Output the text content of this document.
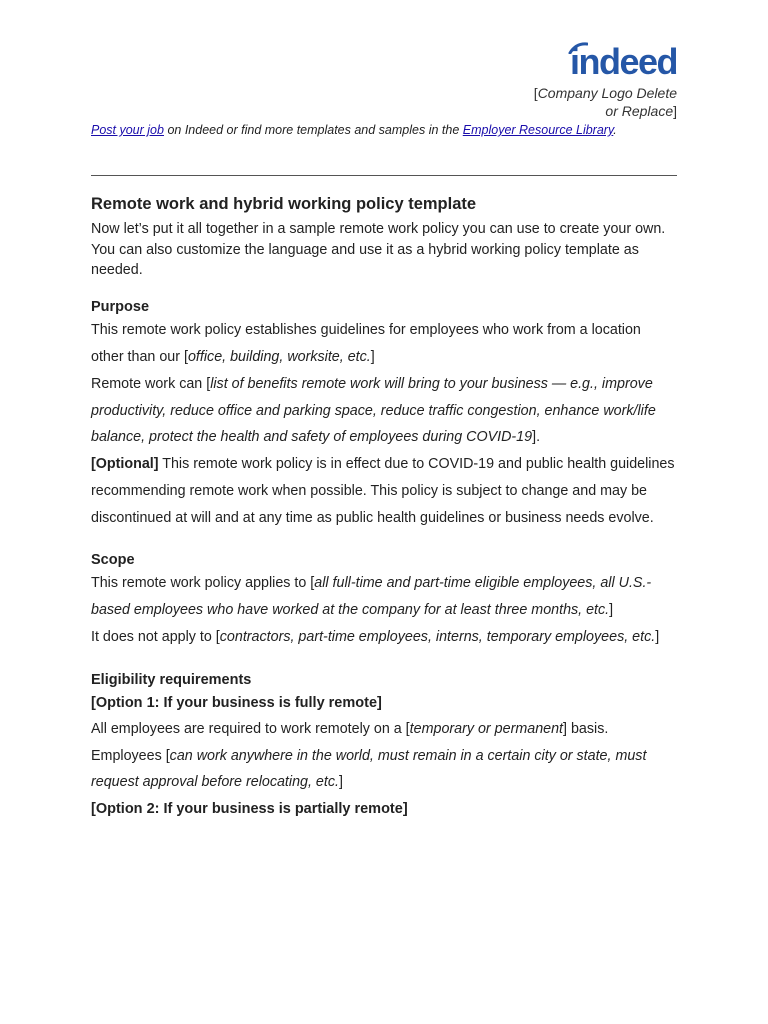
indeed
[Company Logo Delete or Replace]
Post your job on Indeed or find more templates and samples in the Employer Resource Library.
Remote work and hybrid working policy template

Now let’s put it all together in a sample remote work policy you can use to create your own. You can also customize the language and use it as a hybrid working policy template as needed.

Purpose

This remote work policy establishes guidelines for employees who work from a location other than our [office, building, worksite, etc.]

Remote work can [list of benefits remote work will bring to your business — e.g., improve productivity, reduce office and parking space, reduce traffic congestion, enhance work/life balance, protect the health and safety of employees during COVID-19].

[Optional] This remote work policy is in effect due to COVID-19 and public health guidelines recommending remote work when possible. This policy is subject to change and may be discontinued at will and at any time as public health guidelines or business needs evolve.

Scope

This remote work policy applies to [all full-time and part-time eligible employees, all U.S.-based employees who have worked at the company for at least three months, etc.]

It does not apply to [contractors, part-time employees, interns, temporary employees, etc.]

Eligibility requirements
[Option 1: If your business is fully remote]

All employees are required to work remotely on a [temporary or permanent] basis.

Employees [can work anywhere in the world, must remain in a certain city or state, must request approval before relocating, etc.]

[Option 2: If your business is partially remote]
